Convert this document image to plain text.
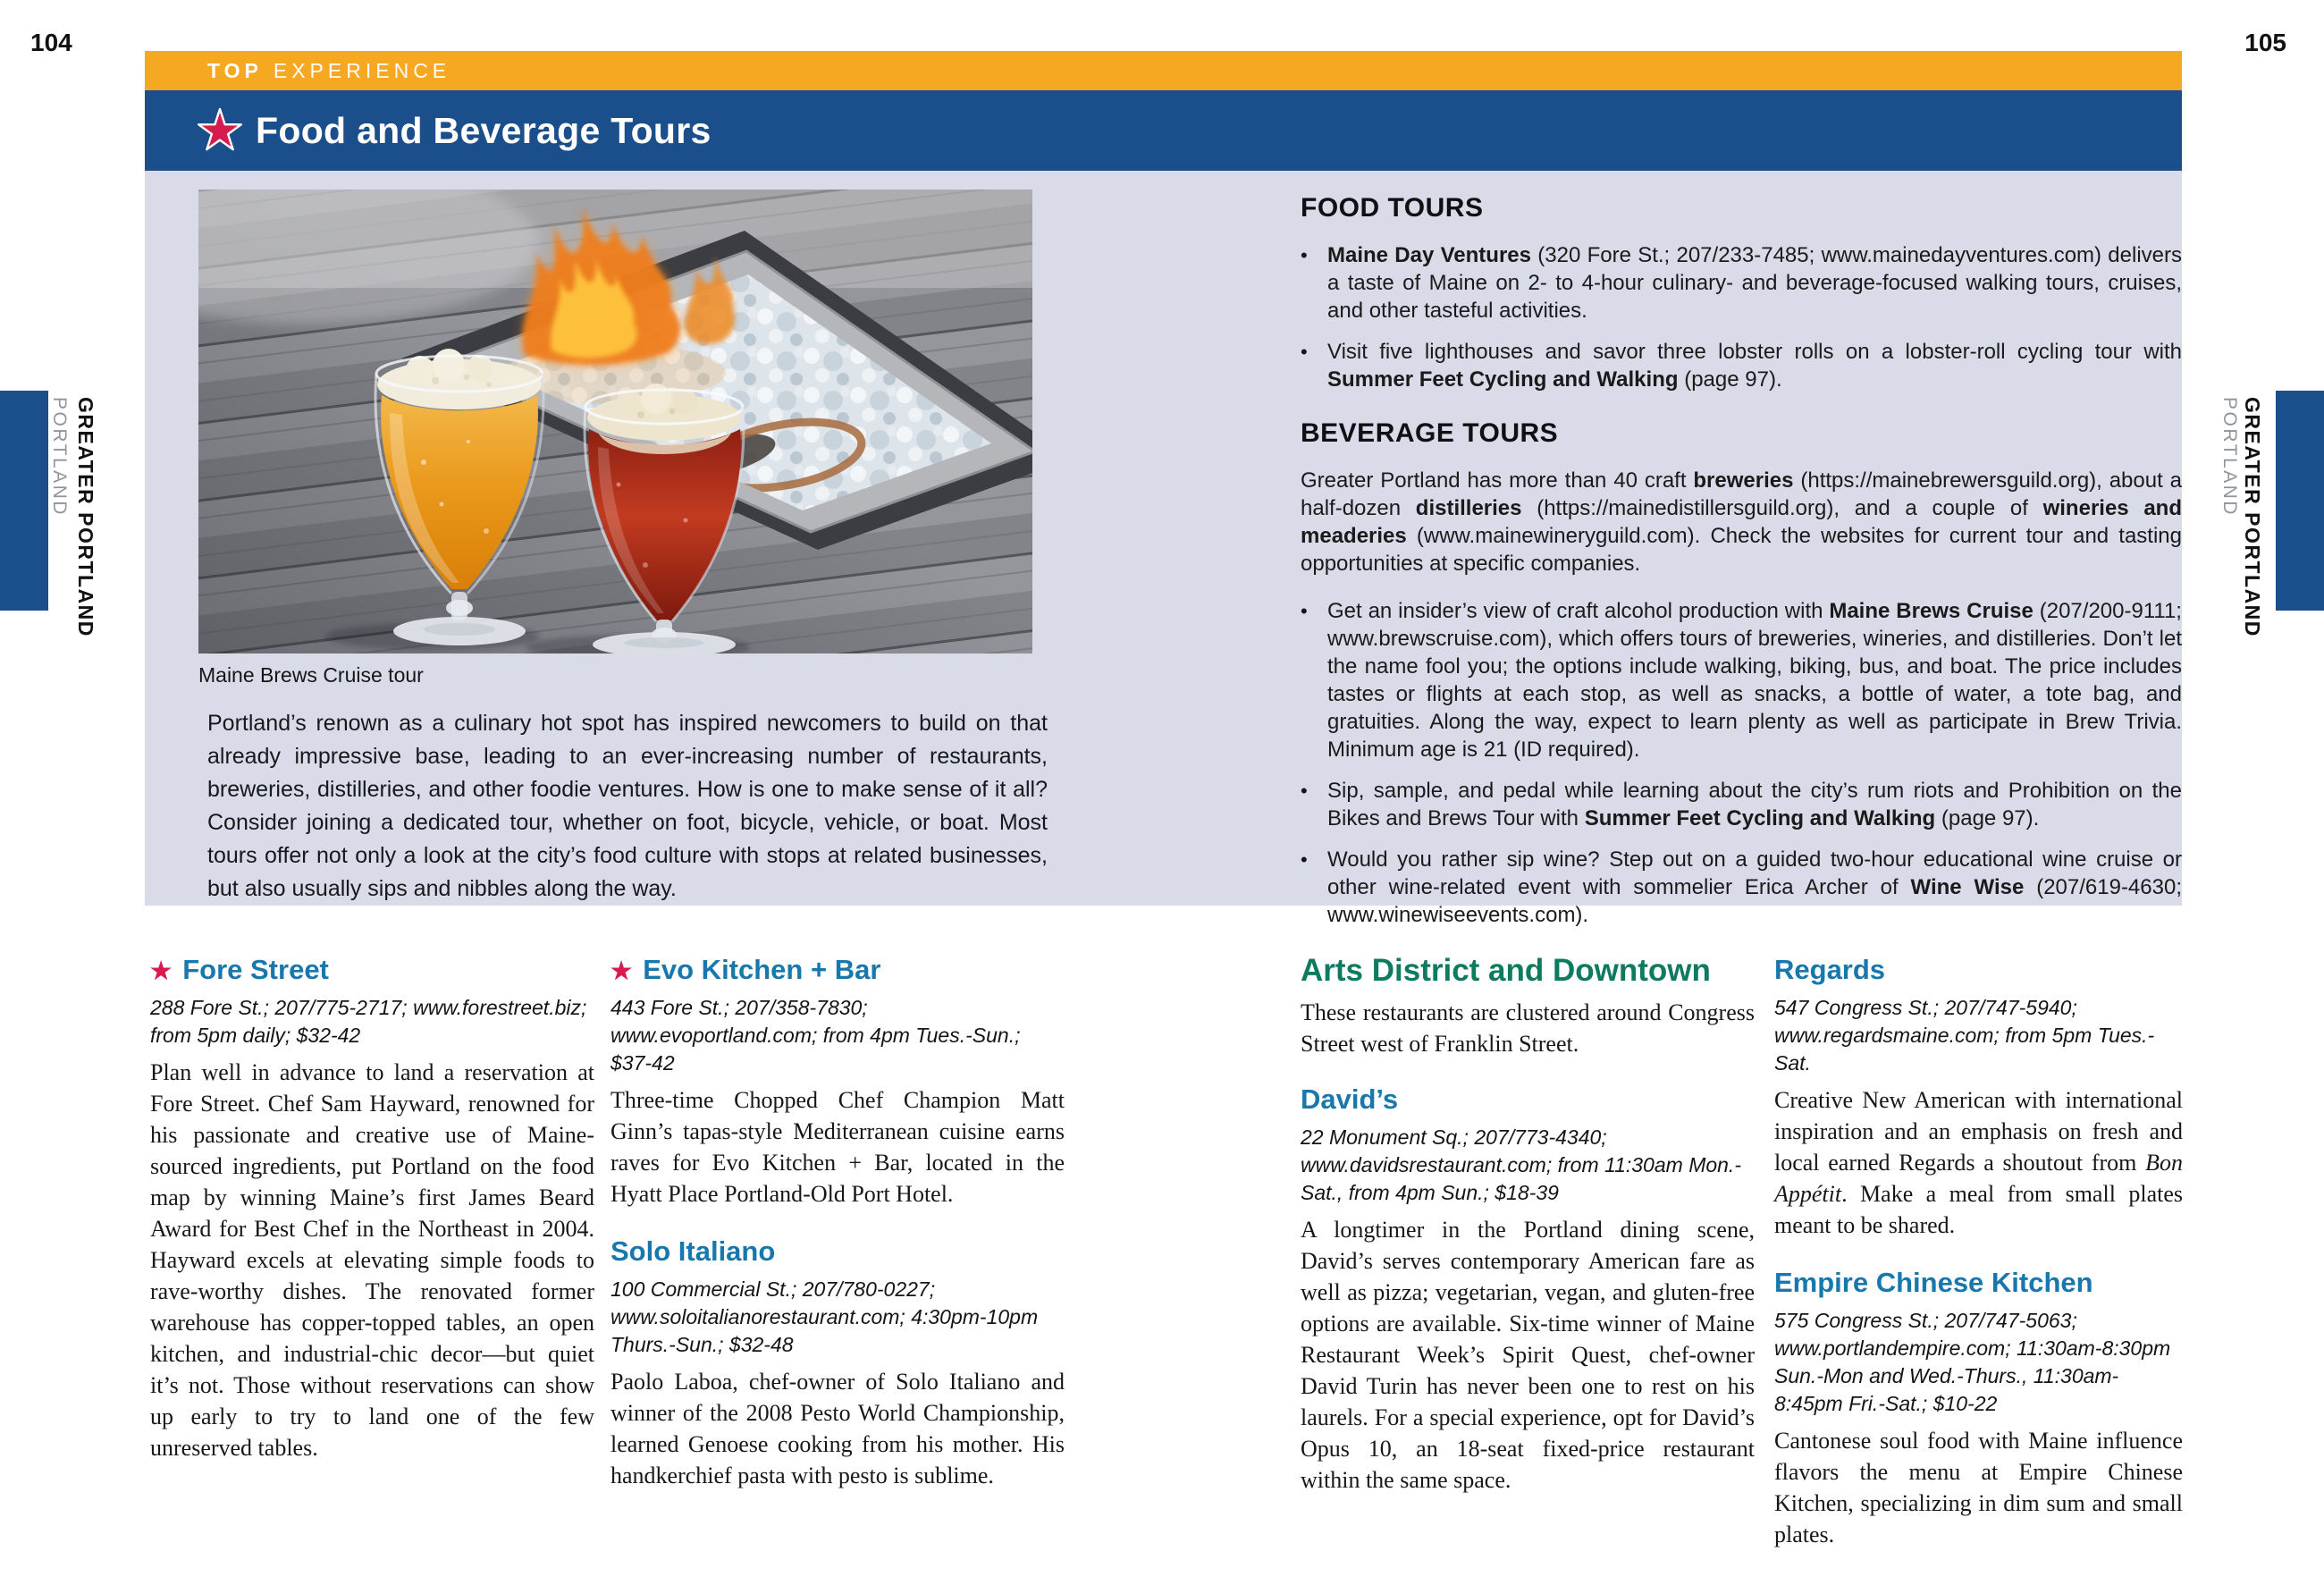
104	105
PORTLAND GREATER PORTLAND	PORTLAND GREATER PORTLAND
TOP EXPERIENCE
Food and Beverage Tours
Maine Brews Cruise tour

Portland’s renown as a culinary hot spot has inspired newcomers to build on that already impressive base, leading to an ever-increasing number of restaurants, breweries, distilleries, and other foodie ventures. How is one to make sense of it all? Consider joining a dedicated tour, whether on foot, bicycle, vehicle, or boat. Most tours offer not only a look at the city’s food culture with stops at related businesses, but also usually sips and nibbles along the way.

FOOD TOURS
• Maine Day Ventures (320 Fore St.; 207/233-7485; www.mainedayventures.com) delivers a taste of Maine on 2- to 4-hour culinary- and beverage-focused walking tours, cruises, and other tasteful activities.

• Visit five lighthouses and savor three lobster rolls on a lobster-roll cycling tour with Summer Feet Cycling and Walking (page 97).

BEVERAGE TOURS

Greater Portland has more than 40 craft breweries (https://mainebrewersguild.org), about a half-dozen distilleries (https://mainedistillersguild.org), and a couple of wineries and meaderies (www.mainewineryguild.com). Check the websites for current tour and tasting opportunities at specific companies.

• Get an insider’s view of craft alcohol production with Maine Brews Cruise (207/200-9111; www.brewscruise.com), which offers tours of breweries, wineries, and distilleries. Don’t let the name fool you; the options include walking, biking, bus, and boat. The price includes tastes or flights at each stop, as well as snacks, a bottle of water, a tote bag, and gratuities. Along the way, expect to learn plenty as well as participate in Brew Trivia. Minimum age is 21 (ID required).

• Sip, sample, and pedal while learning about the city’s rum riots and Prohibition on the Bikes and Brews Tour with Summer Feet Cycling and Walking (page 97).

• Would you rather sip wine? Step out on a guided two-hour educational wine cruise or other wine-related event with sommelier Erica Archer of Wine Wise (207/619-4630; www.winewiseevents.com).

★ Fore Street

288 Fore St.; 207/775-2717; www.forestreet.biz; from 5pm daily; $32-42

Plan well in advance to land a reservation at Fore Street. Chef Sam Hayward, renowned for his passionate and creative use of Maine-sourced ingredients, put Portland on the food map by winning Maine’s first James Beard Award for Best Chef in the Northeast in 2004. Hayward excels at elevating simple foods to rave-worthy dishes. The renovated former warehouse has copper-topped tables, an open kitchen, and industrial-chic decor—but quiet it’s not. Those without reservations can show up early to try to land one of the few unreserved tables.

★ Evo Kitchen + Bar

443 Fore St.; 207/358-7830; www.evoportland.com; from 4pm Tues.-Sun.; $37-42

Three-time Chopped Chef Champion Matt Ginn’s tapas-style Mediterranean cuisine earns raves for Evo Kitchen + Bar, located in the Hyatt Place Portland-Old Port Hotel.

Solo Italiano

100 Commercial St.; 207/780-0227; www.soloitalianorestaurant.com; 4:30pm-10pm Thurs.-Sun.; $32-48

Paolo Laboa, chef-owner of Solo Italiano and winner of the 2008 Pesto World Championship, learned Genoese cooking from his mother. His handkerchief pasta with pesto is sublime.

Arts District and Downtown

These restaurants are clustered around Congress Street west of Franklin Street.

David’s

22 Monument Sq.; 207/773-4340; www.davidsrestaurant.com; from 11:30am Mon.-Sat., from 4pm Sun.; $18-39

A longtimer in the Portland dining scene, David’s serves contemporary American fare as well as pizza; vegetarian, vegan, and gluten-free options are available. Six-time winner of Maine Restaurant Week’s Spirit Quest, chef-owner David Turin has never been one to rest on his laurels. For a special experience, opt for David’s Opus 10, an 18-seat fixed-price restaurant within the same space.

Regards

547 Congress St.; 207/747-5940; www.regardsmaine.com; from 5pm Tues.-Sat.

Creative New American with international inspiration and an emphasis on fresh and local earned Regards a shoutout from Bon Appétit. Make a meal from small plates meant to be shared.

Empire Chinese Kitchen

575 Congress St.; 207/747-5063; www.portlandempire.com; 11:30am-8:30pm Sun.-Mon and Wed.-Thurs., 11:30am-8:45pm Fri.-Sat.; $10-22

Cantonese soul food with Maine influence flavors the menu at Empire Chinese Kitchen, specializing in dim sum and small plates.
